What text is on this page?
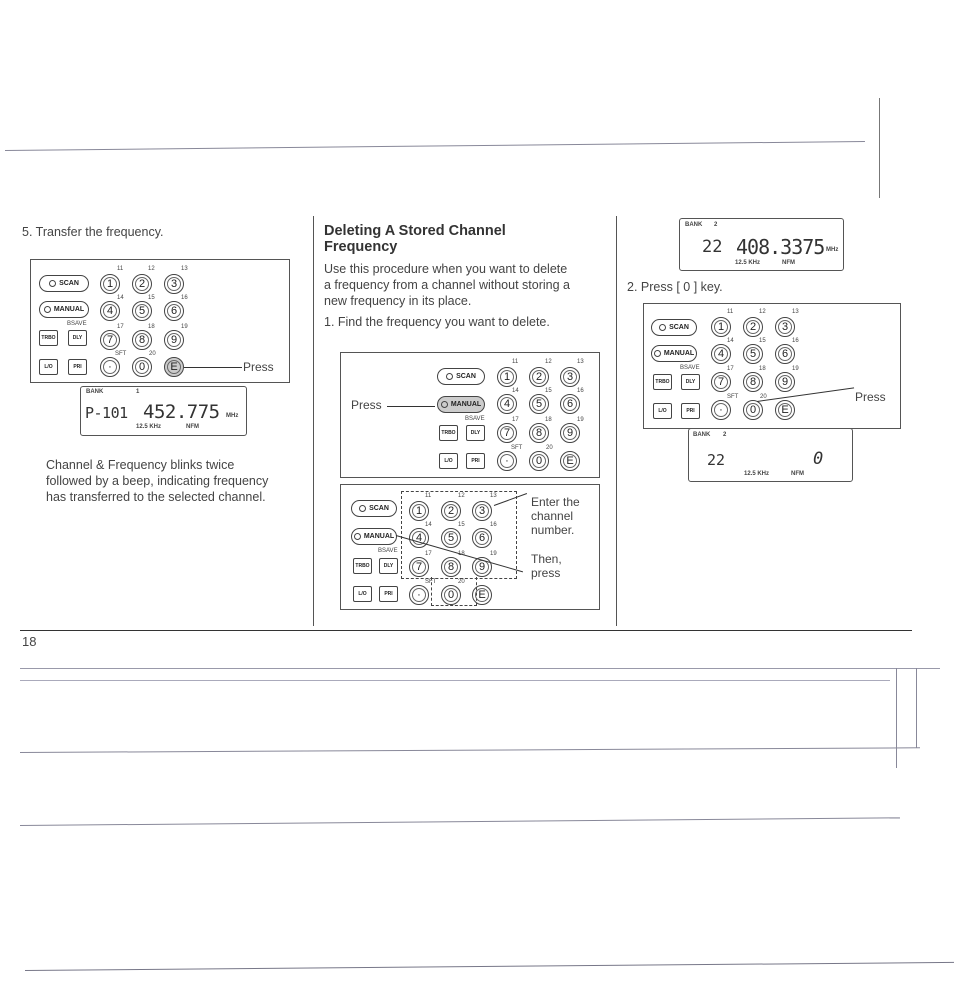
5. Transfer the frequency.
SCAN
MANUAL
TRBO	DLY
L/O	PRI
BSAVE
1	2	3
4	5	6
7	8	9
·	0	E
11	12	13
14	15	16
17	18	19
SFT	20
Press
BANK	1
P-101 452.775 MHz
12.5 KHz	NFM
Channel & Frequency blinks twice
followed by a beep, indicating frequency
has transferred to the selected channel.
Deleting A Stored Channel
Frequency
Use this procedure when you want to delete
a frequency from a channel without storing a
new frequency in its place.
1. Find the frequency you want to delete.
Press
SCAN
MANUAL
TRBO	DLY
L/O	PRI
BSAVE
1	2	3
4	5	6
7	8	9
·	0	E
11	12	13
14	15	16
17	18	19
SFT	20
SCAN
MANUAL
TRBO	DLY
L/O	PRI
BSAVE
1	2	3
4	5	6
7	8	9
·	0	E
11	12	13
14	15	16
17	19
SFT	20
Enter the
channel
number.
Then,
press
BANK 2
22 408.3375 MHz
12.5 KHz	NFM
2. Press [ 0 ] key.
SCAN
MANUAL
TRBO	DLY
L/O	PRI
BSAVE
1	2	3
4	5	6
7	8	9
·	0	E
11	12	13
14	15	16
17	18	19
SFT	20	Press
BANK 2
22	0
12.5 KHz	NFM
18
